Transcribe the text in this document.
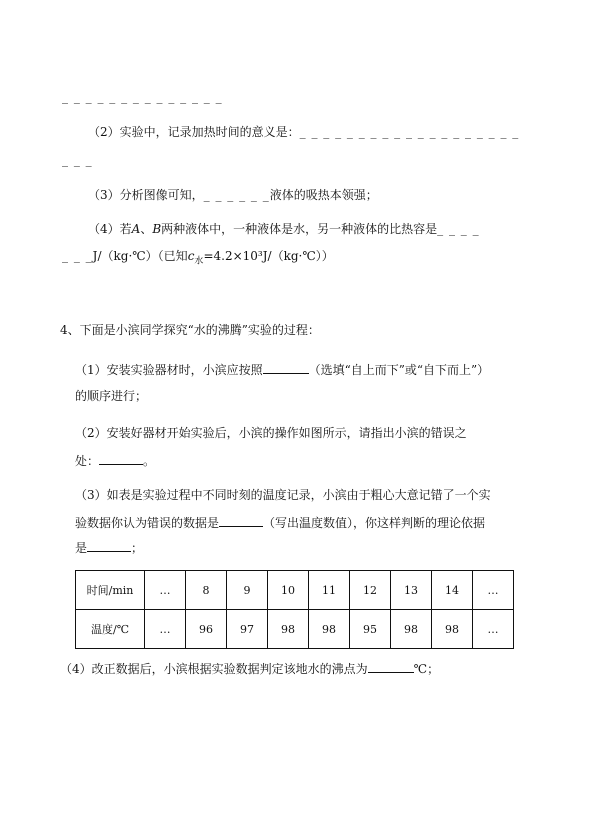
_ _ _ _ _ _ _ _ _ _ _ _ _ _
（2）实验中，记录加热时间的意义是：_ _ _ _ _ _ _ _ _ _ _ _ _ _ _ _ _ _ _
_ _ _
（3）分析图像可知，_ _ _ _ _ _液体的吸热本领强；
（4）若A、B两种液体中，一种液体是水，另一种液体的比热容是_ _ _ _
_ _ _J/（kg·℃）（已知$c_水=4.2\times 10^3J/(kg\cdot℃)$）
4、下面是小滨同学探究“水的沸腾”实验的过程：
（1）安装实验器材时，小滨应按照	（选填“自上而下”或“自下而上”）
的顺序进行；
（2）安装好器材开始实验后，小滨的操作如图所示，请指出小滨的错误之
处：	。
（3）如表是实验过程中不同时刻的温度记录，小滨由于粗心大意记错了一个实
验数据你认为错误的数据是	（写出温度数值），你这样判断的理论依据
是	；
时间/min	…	8	9	10	11	12	13	14	…
温度/℃	…	96	97	98	98	95	98	98	…
（4）改正数据后，小滨根据实验数据判定该地水的沸点为	℃；
